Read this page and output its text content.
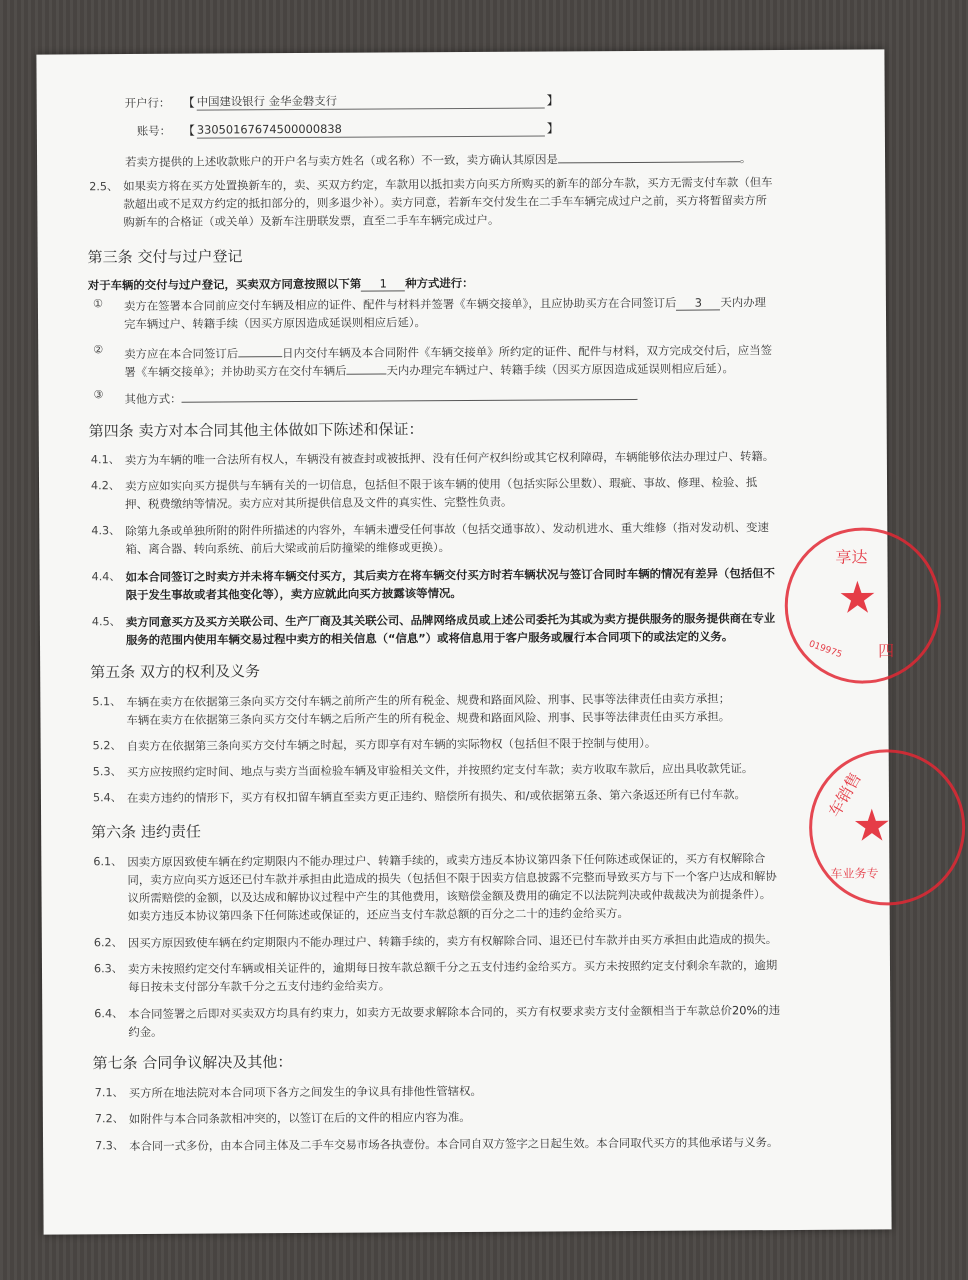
开户行： 【 中国建设银行 金华金磐支行	】
账号： 【 33050167674500000838	】
若卖方提供的上述收款账户的开户名与卖方姓名（或名称）不一致，卖方确认其原因是	。
2.5、 如果卖方将在买方处置换新车的，卖、买双方约定，车款用以抵扣卖方向买方所购买的新车的部分车款，买方无需支付车款（但车
款超出或不足双方约定的抵扣部分的，则多退少补）。卖方同意，若新车交付发生在二手车车辆完成过户之前，买方将暂留卖方所
购新车的合格证（或关单）及新车注册联发票，直至二手车车辆完成过户。
第三条 交付与过户登记
对于车辆的交付与过户登记，买卖双方同意按照以下第 1 种方式进行：
① 卖方在签署本合同前应交付车辆及相应的证件、配件与材料并签署《车辆交接单》，且应协助买方在合同签订后 3 天内办理
完车辆过户、转籍手续（因买方原因造成延误则相应后延）。
② 卖方应在本合同签订后	日内交付车辆及本合同附件《车辆交接单》所约定的证件、配件与材料，双方完成交付后，应当签
署《车辆交接单》；并协助买方在交付车辆后	天内办理完车辆过户、转籍手续（因买方原因造成延误则相应后延）。
③ 其他方式：
第四条 卖方对本合同其他主体做如下陈述和保证：
4.1、 卖方为车辆的唯一合法所有权人，车辆没有被查封或被抵押、没有任何产权纠纷或其它权利障碍，车辆能够依法办理过户、转籍。
4.2、 卖方应如实向买方提供与车辆有关的一切信息，包括但不限于该车辆的使用（包括实际公里数）、瑕疵、事故、修理、检验、抵
押、税费缴纳等情况。卖方应对其所提供信息及文件的真实性、完整性负责。
4.3、 除第九条或单独所附的附件所描述的内容外，车辆未遭受任何事故（包括交通事故）、发动机进水、重大维修（指对发动机、变速
箱、离合器、转向系统、前后大梁或前后防撞梁的维修或更换）。
4.4、 如本合同签订之时卖方并未将车辆交付买方，其后卖方在将车辆交付买方时若车辆状况与签订合同时车辆的情况有差异（包括但不
限于发生事故或者其他变化等），卖方应就此向买方披露该等情况。
4.5、 卖方同意买方及买方关联公司、生产厂商及其关联公司、品牌网络成员或上述公司委托为其或为卖方提供服务的服务提供商在专业
服务的范围内使用车辆交易过程中卖方的相关信息（“信息”）或将信息用于客户服务或履行本合同项下的或法定的义务。
第五条 双方的权利及义务
5.1、 车辆在卖方在依据第三条向买方交付车辆之前所产生的所有税金、规费和路面风险、刑事、民事等法律责任由卖方承担；
车辆在卖方在依据第三条向买方交付车辆之后所产生的所有税金、规费和路面风险、刑事、民事等法律责任由买方承担。
5.2、 自卖方在依据第三条向买方交付车辆之时起，买方即享有对车辆的实际物权（包括但不限于控制与使用）。
5.3、 买方应按照约定时间、地点与卖方当面检验车辆及审验相关文件，并按照约定支付车款；卖方收取车款后，应出具收款凭证。
5.4、 在卖方违约的情形下，买方有权扣留车辆直至卖方更正违约、赔偿所有损失、和/或依据第五条、第六条返还所有已付车款。
第六条 违约责任
6.1、 因卖方原因致使车辆在约定期限内不能办理过户、转籍手续的，或卖方违反本协议第四条下任何陈述或保证的，买方有权解除合
同，卖方应向买方返还已付车款并承担由此造成的损失（包括但不限于因卖方信息披露不完整而导致买方与下一个客户达成和解协
议所需赔偿的金额，以及达成和解协议过程中产生的其他费用，该赔偿金额及费用的确定不以法院判决或仲裁裁决为前提条件）。
如卖方违反本协议第四条下任何陈述或保证的，还应当支付车款总额的百分之二十的违约金给买方。
6.2、 因买方原因致使车辆在约定期限内不能办理过户、转籍手续的，卖方有权解除合同、退还已付车款并由买方承担由此造成的损失。
6.3、 卖方未按照约定交付车辆或相关证件的，逾期每日按车款总额千分之五支付违约金给买方。买方未按照约定支付剩余车款的，逾期
每日按未支付部分车款千分之五支付违约金给卖方。
6.4、 本合同签署之后即对买卖双方均具有约束力，如卖方无故要求解除本合同的，买方有权要求卖方支付金额相当于车款总价20%的违
约金。
第七条 合同争议解决及其他：
7.1、 买方所在地法院对本合同项下各方之间发生的争议具有排他性管辖权。
7.2、 如附件与本合同条款相冲突的，以签订在后的文件的相应内容为准。
7.3、 本合同一式多份，由本合同主体及二手车交易市场各执壹份。本合同自双方签字之日起生效。本合同取代买方的其他承诺与义务。
享达
★
019975 四
车销售
★
车业务专
